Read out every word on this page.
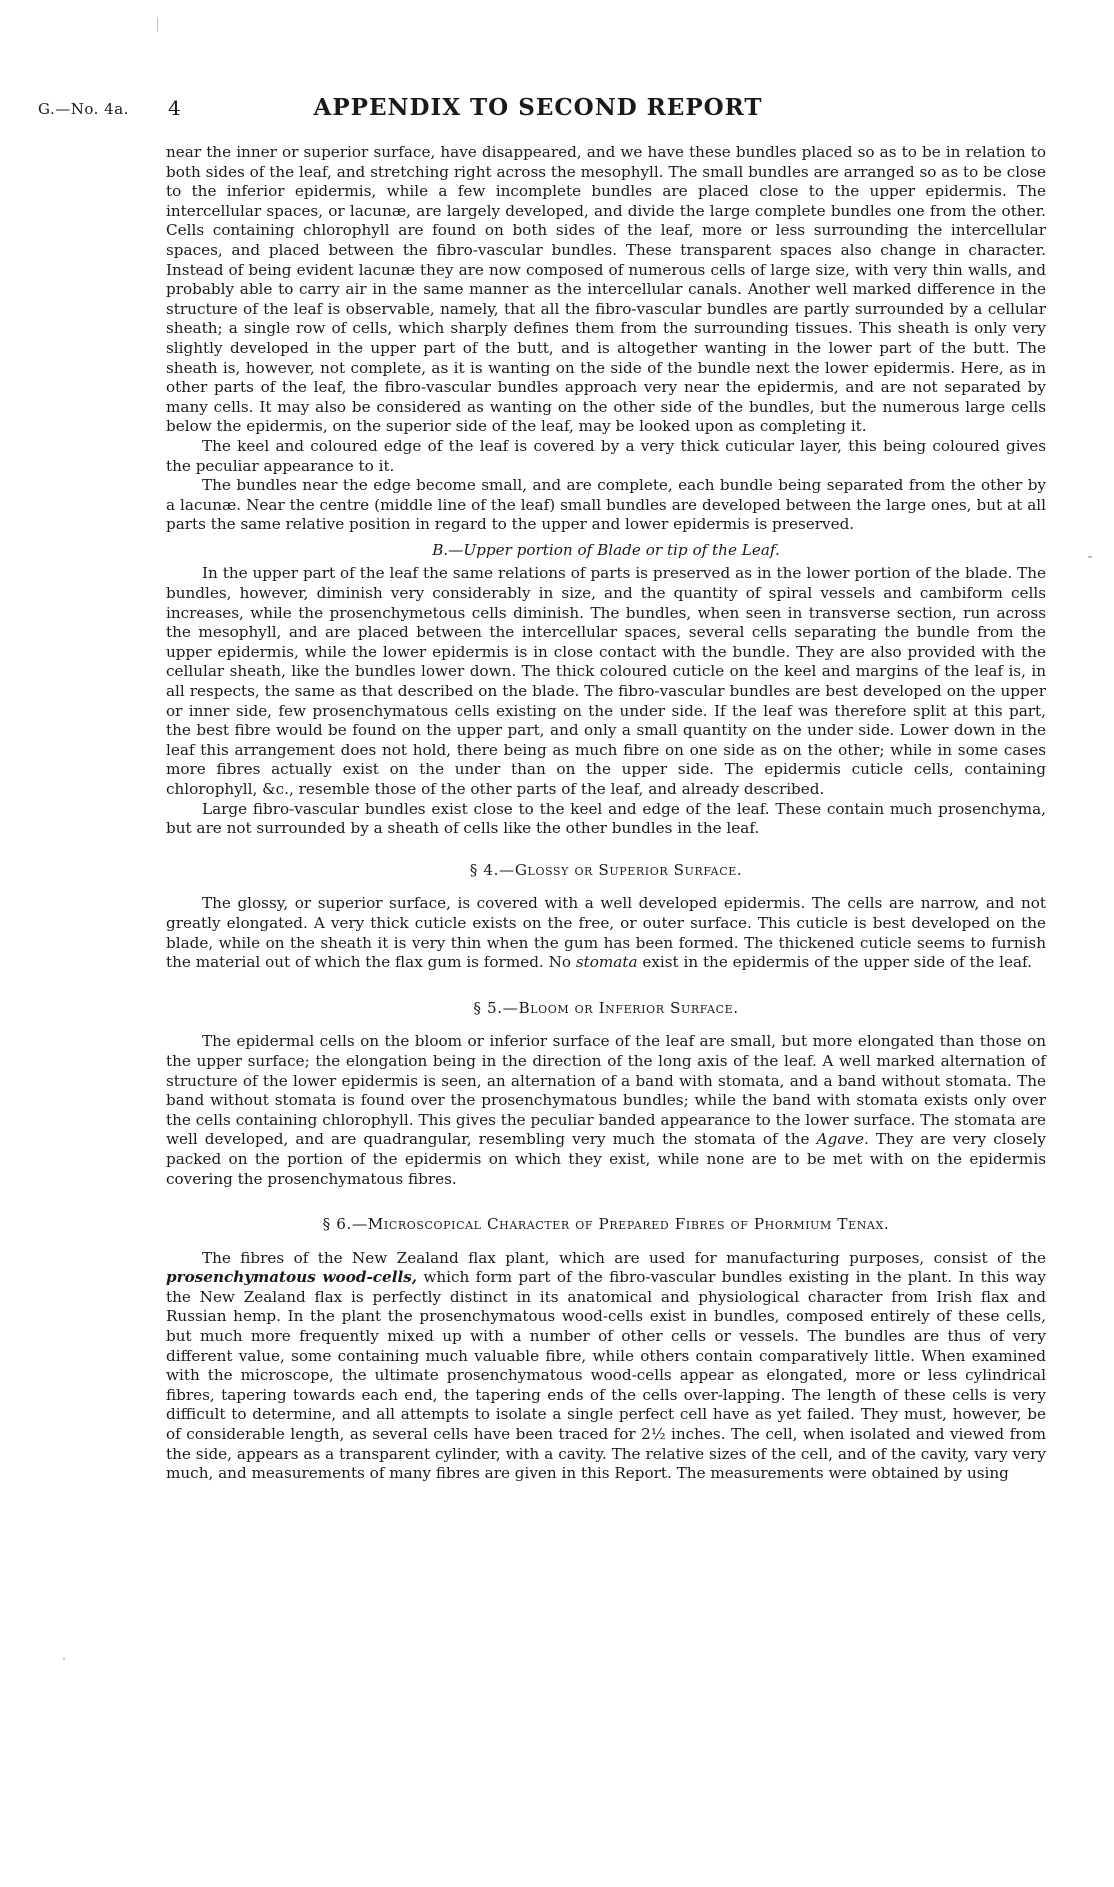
G.—No. 4a. 4	APPENDIX TO SECOND REPORT

near the inner or superior surface, have disappeared, and we have these bundles placed so as to be in relation to both sides of the leaf, and stretching right across the mesophyll. The small bundles are arranged so as to be close to the inferior epidermis, while a few incomplete bundles are placed close to the upper epidermis. The intercellular spaces, or lacunæ, are largely developed, and divide the large complete bundles one from the other. Cells containing chlorophyll are found on both sides of the leaf, more or less surrounding the intercellular spaces, and placed between the fibro-vascular bundles. These transparent spaces also change in character. Instead of being evident lacunæ they are now composed of numerous cells of large size, with very thin walls, and probably able to carry air in the same manner as the intercellular canals. Another well marked difference in the structure of the leaf is observable, namely, that all the fibro-vascular bundles are partly surrounded by a cellular sheath; a single row of cells, which sharply defines them from the surrounding tissues. This sheath is only very slightly developed in the upper part of the butt, and is altogether wanting in the lower part of the butt. The sheath is, however, not complete, as it is wanting on the side of the bundle next the lower epidermis. Here, as in other parts of the leaf, the fibro-vascular bundles approach very near the epidermis, and are not separated by many cells. It may also be considered as wanting on the other side of the bundles, but the numerous large cells below the epidermis, on the superior side of the leaf, may be looked upon as completing it.

The keel and coloured edge of the leaf is covered by a very thick cuticular layer, this being coloured gives the peculiar appearance to it.

The bundles near the edge become small, and are complete, each bundle being separated from the other by a lacunæ. Near the centre (middle line of the leaf) small bundles are developed between the large ones, but at all parts the same relative position in regard to the upper and lower epidermis is preserved.

B.—Upper portion of Blade or tip of the Leaf.

In the upper part of the leaf the same relations of parts is preserved as in the lower portion of the blade. The bundles, however, diminish very considerably in size, and the quantity of spiral vessels and cambiform cells increases, while the prosenchymetous cells diminish. The bundles, when seen in transverse section, run across the mesophyll, and are placed between the intercellular spaces, several cells separating the bundle from the upper epidermis, while the lower epidermis is in close contact with the bundle. They are also provided with the cellular sheath, like the bundles lower down. The thick coloured cuticle on the keel and margins of the leaf is, in all respects, the same as that described on the blade. The fibro-vascular bundles are best developed on the upper or inner side, few prosenchymatous cells existing on the under side. If the leaf was therefore split at this part, the best fibre would be found on the upper part, and only a small quantity on the under side. Lower down in the leaf this arrangement does not hold, there being as much fibre on one side as on the other; while in some cases more fibres actually exist on the under than on the upper side. The epidermis cuticle cells, containing chlorophyll, &c., resemble those of the other parts of the leaf, and already described.

Large fibro-vascular bundles exist close to the keel and edge of the leaf. These contain much prosenchyma, but are not surrounded by a sheath of cells like the other bundles in the leaf.

§ 4.—Glossy or Superior Surface.

The glossy, or superior surface, is covered with a well developed epidermis. The cells are narrow, and not greatly elongated. A very thick cuticle exists on the free, or outer surface. This cuticle is best developed on the blade, while on the sheath it is very thin when the gum has been formed. The thickened cuticle seems to furnish the material out of which the flax gum is formed. No stomata exist in the epidermis of the upper side of the leaf.

§ 5.—Bloom or Inferior Surface.

The epidermal cells on the bloom or inferior surface of the leaf are small, but more elongated than those on the upper surface; the elongation being in the direction of the long axis of the leaf. A well marked alternation of structure of the lower epidermis is seen, an alternation of a band with stomata, and a band without stomata. The band without stomata is found over the prosenchymatous bundles; while the band with stomata exists only over the cells containing chlorophyll. This gives the peculiar banded appearance to the lower surface. The stomata are well developed, and are quadrangular, resembling very much the stomata of the Agave. They are very closely packed on the portion of the epidermis on which they exist, while none are to be met with on the epidermis covering the prosenchymatous fibres.

§ 6.—Microscopical Character of Prepared Fibres of Phormium Tenax.

The fibres of the New Zealand flax plant, which are used for manufacturing purposes, consist of the prosenchymatous wood-cells, which form part of the fibro-vascular bundles existing in the plant. In this way the New Zealand flax is perfectly distinct in its anatomical and physiological character from Irish flax and Russian hemp. In the plant the prosenchymatous wood-cells exist in bundles, composed entirely of these cells, but much more frequently mixed up with a number of other cells or vessels. The bundles are thus of very different value, some containing much valuable fibre, while others contain comparatively little. When examined with the microscope, the ultimate prosenchymatous wood-cells appear as elongated, more or less cylindrical fibres, tapering towards each end, the tapering ends of the cells over-lapping. The length of these cells is very difficult to determine, and all attempts to isolate a single perfect cell have as yet failed. They must, however, be of considerable length, as several cells have been traced for 2½ inches. The cell, when isolated and viewed from the side, appears as a transparent cylinder, with a cavity. The relative sizes of the cell, and of the cavity, vary very much, and measurements of many fibres are given in this Report. The measurements were obtained by using
